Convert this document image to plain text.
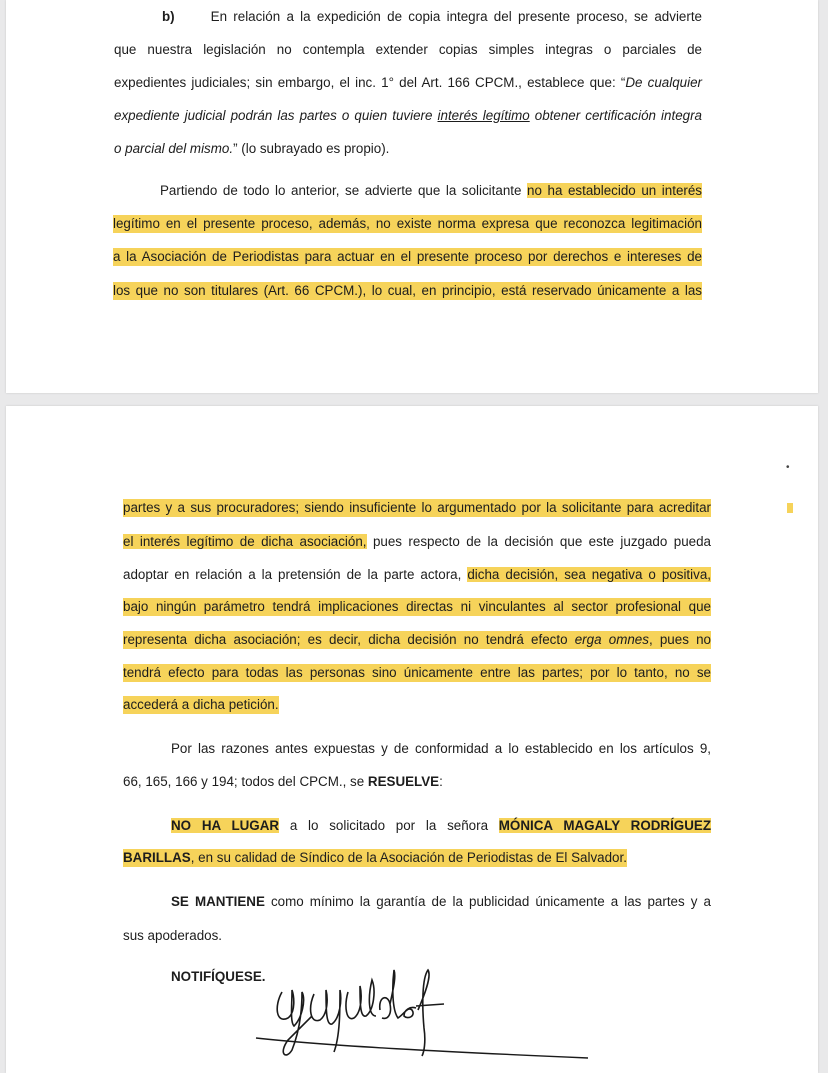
b)	En relación a la expedición de copia integra del presente proceso, se advierte
que nuestra legislación no contempla extender copias simples integras o parciales de
expedientes judiciales; sin embargo, el inc. 1° del Art. 166 CPCM., establece que: “De cualquier
expediente judicial podrán las partes o quien tuviere interés legítimo obtener certificación integra
o parcial del mismo.” (lo subrayado es propio).
Partiendo de todo lo anterior, se advierte que la solicitante no ha establecido un interés
legítimo en el presente proceso, además, no existe norma expresa que reconozca legitimación
a la Asociación de Periodistas para actuar en el presente proceso por derechos e intereses de
los que no son titulares (Art. 66 CPCM.), lo cual, en principio, está reservado únicamente a las
•
partes y a sus procuradores; siendo insuficiente lo argumentado por la solicitante para acreditar
el interés legítimo de dicha asociación, pues respecto de la decisión que este juzgado pueda
adoptar en relación a la pretensión de la parte actora, dicha decisión, sea negativa o positiva,
bajo ningún parámetro tendrá implicaciones directas ni vinculantes al sector profesional que
representa dicha asociación; es decir, dicha decisión no tendrá efecto erga omnes, pues no
tendrá efecto para todas las personas sino únicamente entre las partes; por lo tanto, no se
accederá a dicha petición.
Por las razones antes expuestas y de conformidad a lo establecido en los artículos 9,
66, 165, 166 y 194; todos del CPCM., se RESUELVE:
NO HA LUGAR a lo solicitado por la señora MÓNICA MAGALY RODRÍGUEZ
BARILLAS, en su calidad de Síndico de la Asociación de Periodistas de El Salvador.
SE MANTIENE como mínimo la garantía de la publicidad únicamente a las partes y a
sus apoderados.
NOTIFÍQUESE.
